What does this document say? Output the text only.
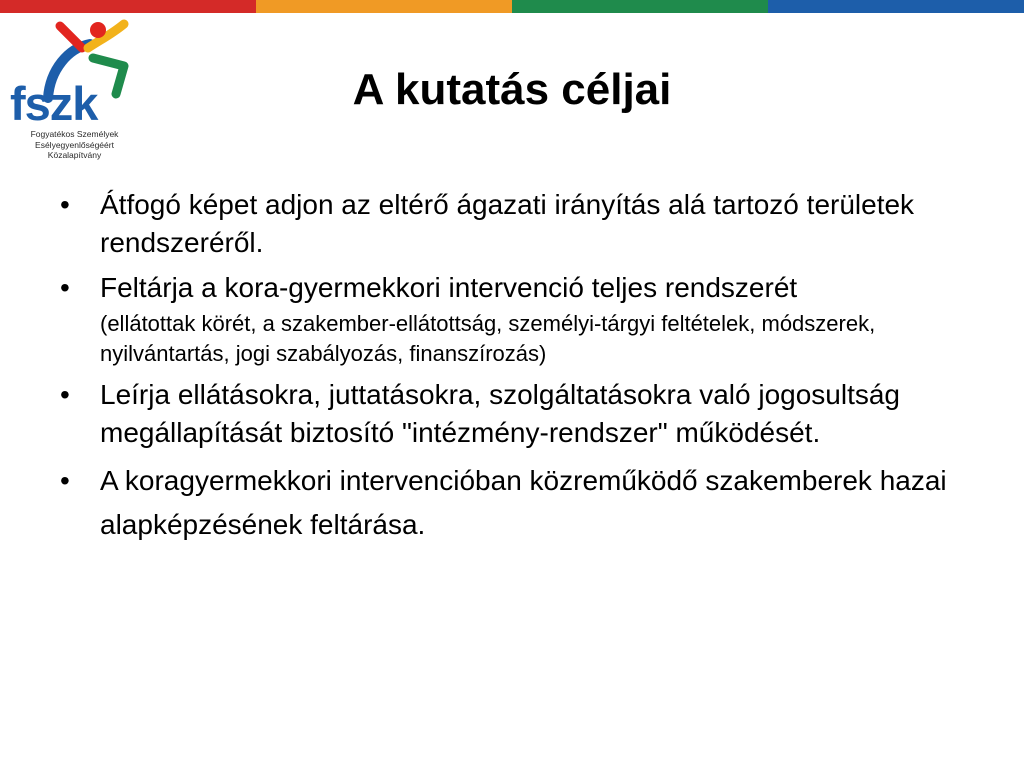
fszk
Fogyatékos Személyek
Esélyegyenlőségéért
Közalapítvány
A kutatás céljai
•	Átfogó képet adjon az eltérő ágazati irányítás alá tartozó területek rendszeréről.
•	Feltárja a kora-gyermekkori intervenció teljes rendszerét
(ellátottak körét, a szakember-ellátottság, személyi-tárgyi feltételek, módszerek, nyilvántartás, jogi szabályozás, finanszírozás)
•	Leírja ellátásokra, juttatásokra, szolgáltatásokra való jogosultság megállapítását biztosító "intézmény-rendszer" működését.
•	A koragyermekkori intervencióban közreműködő szakemberek hazai alapképzésének feltárása.
